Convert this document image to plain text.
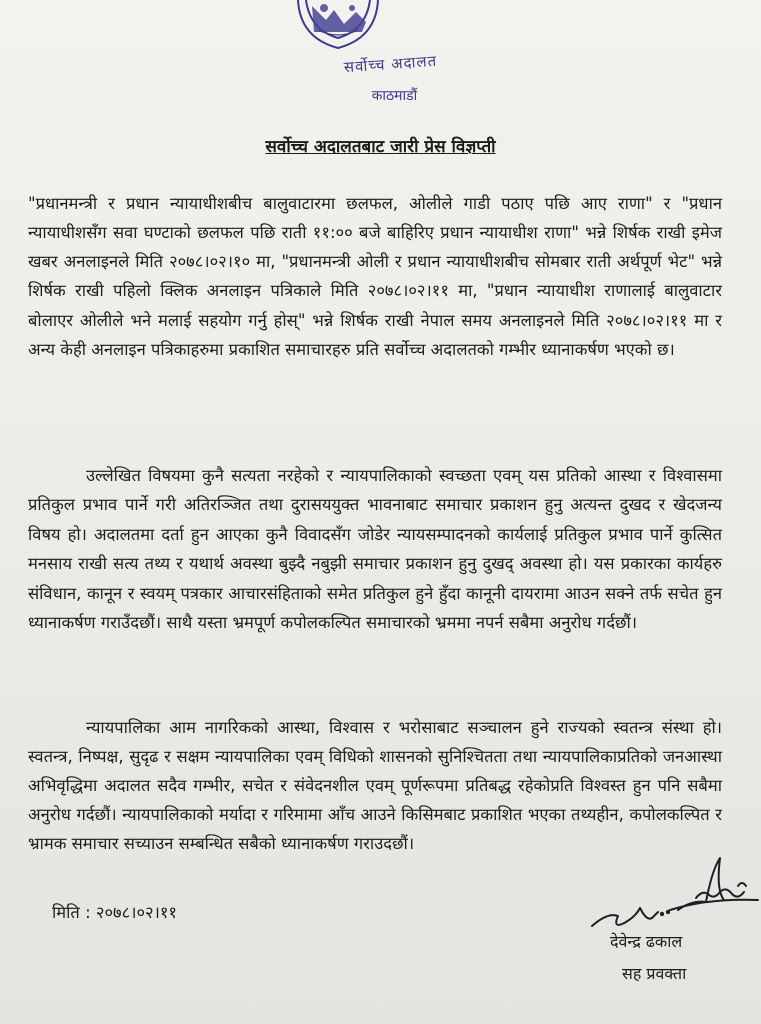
सर्वोच्च अदालत
काठमाडौं
सर्वोच्च अदालतबाट जारी प्रेस विज्ञप्ती

"प्रधानमन्त्री र प्रधान न्यायाधीशबीच बालुवाटारमा छलफल, ओलीले गाडी पठाए पछि आए राणा" र "प्रधान न्यायाधीशसँग सवा घण्टाको छलफल पछि राती ११:०० बजे बाहिरिए प्रधान न्यायाधीश राणा" भन्ने शिर्षक राखी इमेज खबर अनलाइनले मिति २०७८।०२।१० मा, "प्रधानमन्त्री ओली र प्रधान न्यायाधीशबीच सोमबार राती अर्थपूर्ण भेट" भन्ने शिर्षक राखी पहिलो क्लिक अनलाइन पत्रिकाले मिति २०७८।०२।११ मा, "प्रधान न्यायाधीश राणालाई बालुवाटार बोलाएर ओलीले भने मलाई सहयोग गर्नु होस्" भन्ने शिर्षक राखी नेपाल समय अनलाइनले मिति २०७८।०२।११ मा र अन्य केही अनलाइन पत्रिकाहरुमा प्रकाशित समाचारहरु प्रति सर्वोच्च अदालतको गम्भीर ध्यानाकर्षण भएको छ।

उल्लेखित विषयमा कुनै सत्यता नरहेको र न्यायपालिकाको स्वच्छता एवम् यस प्रतिको आस्था र विश्वासमा प्रतिकुल प्रभाव पार्ने गरी अतिरञ्जित तथा दुरासययुक्त भावनाबाट समाचार प्रकाशन हुनु अत्यन्त दुखद र खेदजन्य विषय हो। अदालतमा दर्ता हुन आएका कुनै विवादसँग जोडेर न्यायसम्पादनको कार्यलाई प्रतिकुल प्रभाव पार्ने कुत्सित मनसाय राखी सत्य तथ्य र यथार्थ अवस्था बुझ्दै नबुझी समाचार प्रकाशन हुनु दुखद् अवस्था हो। यस प्रकारका कार्यहरु संविधान, कानून र स्वयम् पत्रकार आचारसंहिताको समेत प्रतिकुल हुने हुँदा कानूनी दायरामा आउन सक्ने तर्फ सचेत हुन ध्यानाकर्षण गराउँदछौं। साथै यस्ता भ्रमपूर्ण कपोलकल्पित समाचारको भ्रममा नपर्न सबैमा अनुरोध गर्दछौं।

न्यायपालिका आम नागरिकको आस्था, विश्वास र भरोसाबाट सञ्चालन हुने राज्यको स्वतन्त्र संस्था हो। स्वतन्त्र, निष्पक्ष, सुदृढ र सक्षम न्यायपालिका एवम् विधिको शासनको सुनिश्चितता तथा न्यायपालिकाप्रतिको जनआस्था अभिवृद्धिमा अदालत सदैव गम्भीर, सचेत र संवेदनशील एवम् पूर्णरूपमा प्रतिबद्ध रहेकोप्रति विश्वस्त हुन पनि सबैमा अनुरोध गर्दछौं। न्यायपालिकाको मर्यादा र गरिमामा आँच आउने किसिमबाट प्रकाशित भएका तथ्यहीन, कपोलकल्पित र भ्रामक समाचार सच्याउन सम्बन्धित सबैको ध्यानाकर्षण गराउदछौं।

मिति : २०७८।०२।११
देवेन्द्र ढकाल
सह प्रवक्ता
